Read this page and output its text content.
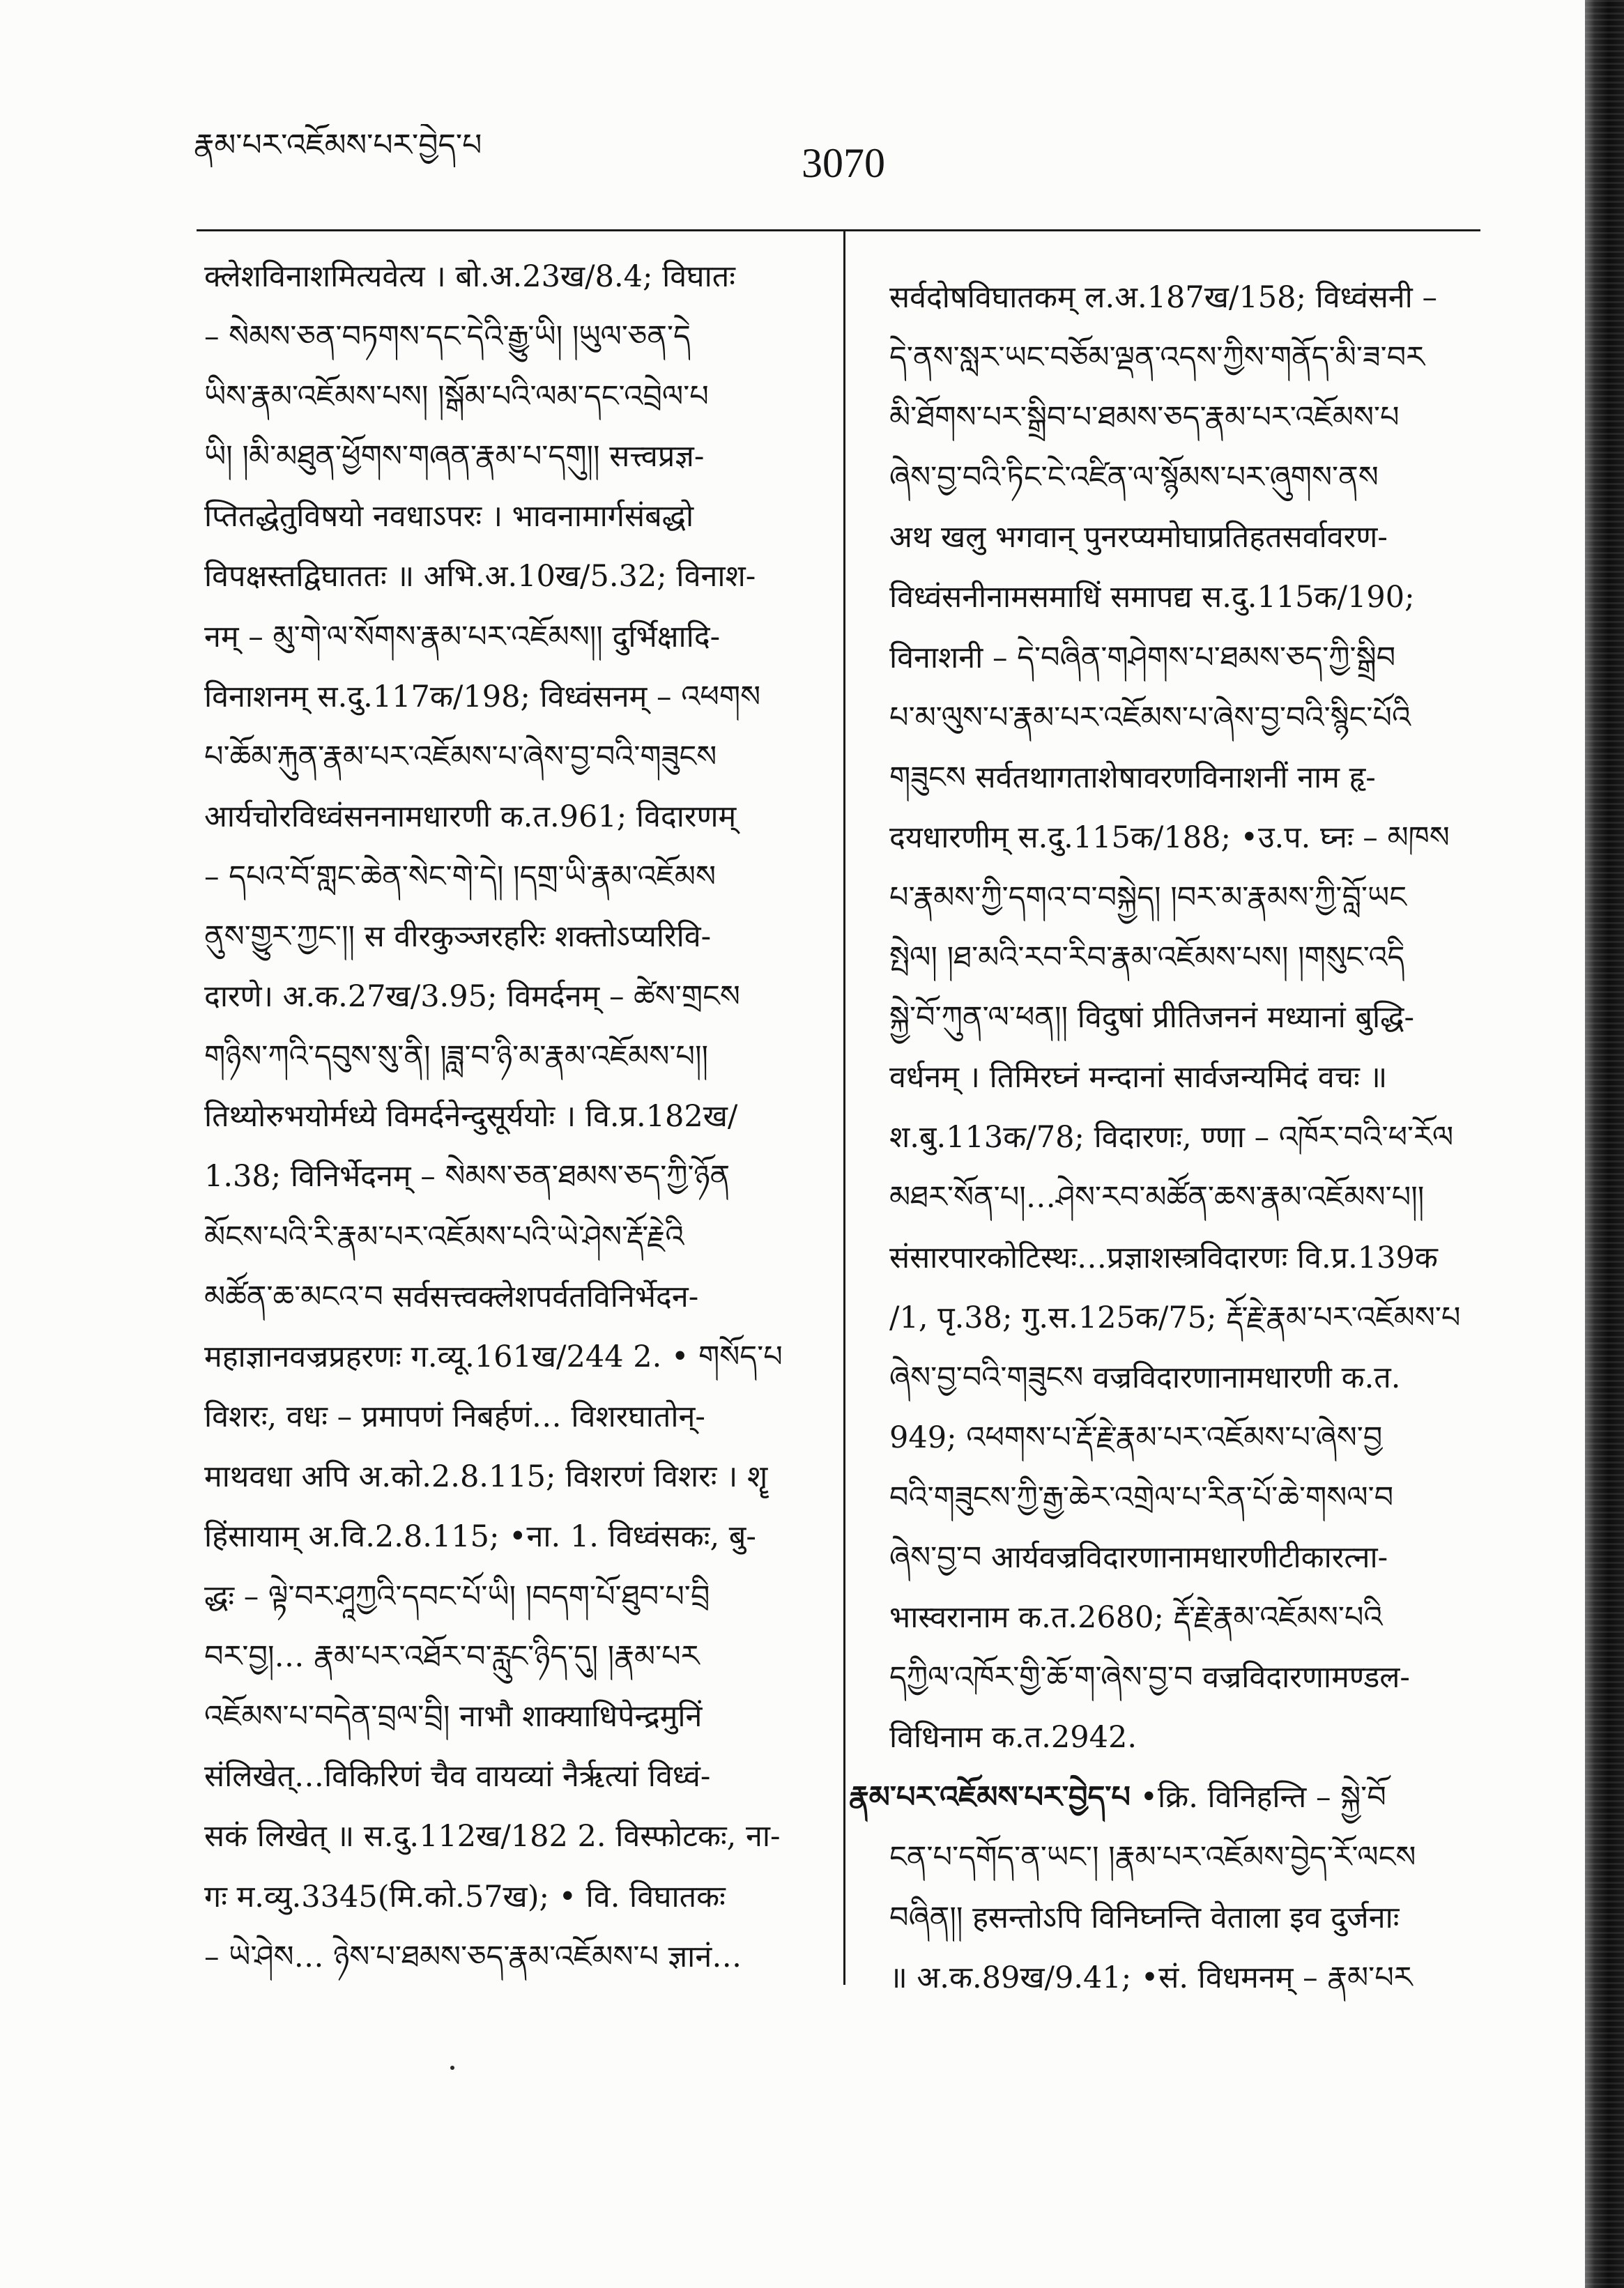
རྣམ་པར་འཇོམས་པར་བྱེད་པ	3070
क्लेशविनाशमित्यवेत्य । बो.अ.23ख/8.4; विघातः
– སེམས་ཅན་བཏགས་དང་དེའི་རྒྱུ་ཡི། །ཡུལ་ཅན་དེ
ཡིས་རྣམ་འཇོམས་པས། །སྒོམ་པའི་ལམ་དང་འབྲེལ་པ
ཡི། །མི་མཐུན་ཕྱོགས་གཞན་རྣམ་པ་དགུ།། सत्त्वप्रज्ञ-
प्तितद्धेतुविषयो नवधाऽपरः । भावनामार्गसंबद्धो
विपक्षस्तद्विघाततः ॥ अभि.अ.10ख/5.32; विनाश-
नम् – མུ་གེ་ལ་སོགས་རྣམ་པར་འཇོམས།། दुर्भिक्षादि-
विनाशनम् स.दु.117क/198; विध्वंसनम् – འཕགས
པ་ཆོམ་རྐུན་རྣམ་པར་འཇོམས་པ་ཞེས་བྱ་བའི་གཟུངས
आर्यचोरविध्वंसननामधारणी क.त.961; विदारणम्
– དཔའ་བོ་གླང་ཆེན་སེང་གེ་དེ། །དགྲ་ཡི་རྣམ་འཇོམས
ནུས་གྱུར་ཀྱང་།། स वीरकुञ्जरहरिः शक्तोऽप्यरिवि-
दारणे। अ.क.27ख/3.95; विमर्दनम् – ཚེས་གྲངས
གཉིས་ཀའི་དབུས་སུ་ནི། །ཟླ་བ་ཉི་མ་རྣམ་འཇོམས་པ།།
तिथ्योरुभयोर्मध्ये विमर्दनेन्दुसूर्ययोः । वि.प्र.182ख/
1.38; विनिर्भेदनम् – སེམས་ཅན་ཐམས་ཅད་ཀྱི་ཉོན
མོངས་པའི་རི་རྣམ་པར་འཇོམས་པའི་ཡེ་ཤེས་རྡོ་རྗེའི
མཚོན་ཆ་མངའ་བ सर्वसत्त्वक्लेशपर्वतविनिर्भेदन-
महाज्ञानवज्रप्रहरणः ग.व्यू.161ख/244 2. • གསོད་པ
विशरः, वधः – प्रमापणं निबर्हणं… विशरघातोन्-
माथवधा अपि अ.को.2.8.115; विशरणं विशरः । शॄ
हिंसायाम् अ.वि.2.8.115; •ना. 1. विध्वंसकः, बु-
द्धः – ལྟེ་བར་ཤཱཀྱའི་དབང་པོ་ཡི། །བདག་པོ་ཐུབ་པ་བྲི
བར་བྱ།… རྣམ་པར་འཐོར་བ་རླུང་ཉིད་དུ། །རྣམ་པར
འཇོམས་པ་བདེན་བྲལ་བྲི། नाभौ शाक्याधिपेन्द्रमुनिं
संलिखेत्…विकिरिणं चैव वायव्यां नैर्ऋत्यां विध्वं-
सकं लिखेत् ॥ स.दु.112ख/182 2. विस्फोटकः, ना-
गः म.व्यु.3345(मि.को.57ख); • वि. विघातकः
– ཡེ་ཤེས… ཉེས་པ་ཐམས་ཅད་རྣམ་འཇོམས་པ ज्ञानं…
सर्वदोषविघातकम् ल.अ.187ख/158; विध्वंसनी –
དེ་ནས་སླར་ཡང་བཅོམ་ལྡན་འདས་ཀྱིས་གནོད་མི་ཟ་བར
མི་ཐོགས་པར་སྒྲིབ་པ་ཐམས་ཅད་རྣམ་པར་འཇོམས་པ
ཞེས་བྱ་བའི་ཏིང་ངེ་འཛིན་ལ་སྙོམས་པར་ཞུགས་ནས
अथ खलु भगवान् पुनरप्यमोघाप्रतिहतसर्वावरण-
विध्वंसनीनामसमाधिं समापद्य स.दु.115क/190;
विनाशनी – དེ་བཞིན་གཤེགས་པ་ཐམས་ཅད་ཀྱི་སྒྲིབ
པ་མ་ལུས་པ་རྣམ་པར་འཇོམས་པ་ཞེས་བྱ་བའི་སྙིང་པོའི
གཟུངས सर्वतथागताशेषावरणविनाशनीं नाम हृ-
दयधारणीम् स.दु.115क/188; •उ.प. घ्नः – མཁས
པ་རྣམས་ཀྱི་དགའ་བ་བསྐྱེད། །བར་མ་རྣམས་ཀྱི་བློ་ཡང
སྤེལ། །ཐ་མའི་རབ་རིབ་རྣམ་འཇོམས་པས། །གསུང་འདི
སྐྱེ་བོ་ཀུན་ལ་ཕན།། विदुषां प्रीतिजननं मध्यानां बुद्धि-
वर्धनम् । तिमिरघ्नं मन्दानां सार्वजन्यमिदं वचः ॥
श.बु.113क/78; विदारणः, ण्णा – འཁོར་བའི་ཕ་རོལ
མཐར་སོན་པ།…ཤེས་རབ་མཚོན་ཆས་རྣམ་འཇོམས་པ།།
संसारपारकोटिस्थः…प्रज्ञाशस्त्रविदारणः वि.प्र.139क
/1, पृ.38; गु.स.125क/75; རྡོ་རྗེ་རྣམ་པར་འཇོམས་པ
ཞེས་བྱ་བའི་གཟུངས वज्रविदारणानामधारणी क.त.
949; འཕགས་པ་རྡོ་རྗེ་རྣམ་པར་འཇོམས་པ་ཞེས་བྱ
བའི་གཟུངས་ཀྱི་རྒྱ་ཆེར་འགྲེལ་པ་རིན་པོ་ཆེ་གསལ་བ
ཞེས་བྱ་བ आर्यवज्रविदारणानामधारणीटीकारत्ना-
भास्वरानाम क.त.2680; རྡོ་རྗེ་རྣམ་འཇོམས་པའི
དཀྱིལ་འཁོར་གྱི་ཆོ་ག་ཞེས་བྱ་བ वज्रविदारणामण्डल-
विधिनाम क.त.2942.
རྣམ་པར་འཇོམས་པར་བྱེད་པ •क्रि. विनिहन्ति – སྐྱེ་བོ
ངན་པ་དགོད་ན་ཡང་། །རྣམ་པར་འཇོམས་བྱེད་རོ་ལངས
བཞིན།། हसन्तोऽपि विनिघ्नन्ति वेताला इव दुर्जनाः
॥ अ.क.89ख/9.41; •सं. विधमनम् – རྣམ་པར
